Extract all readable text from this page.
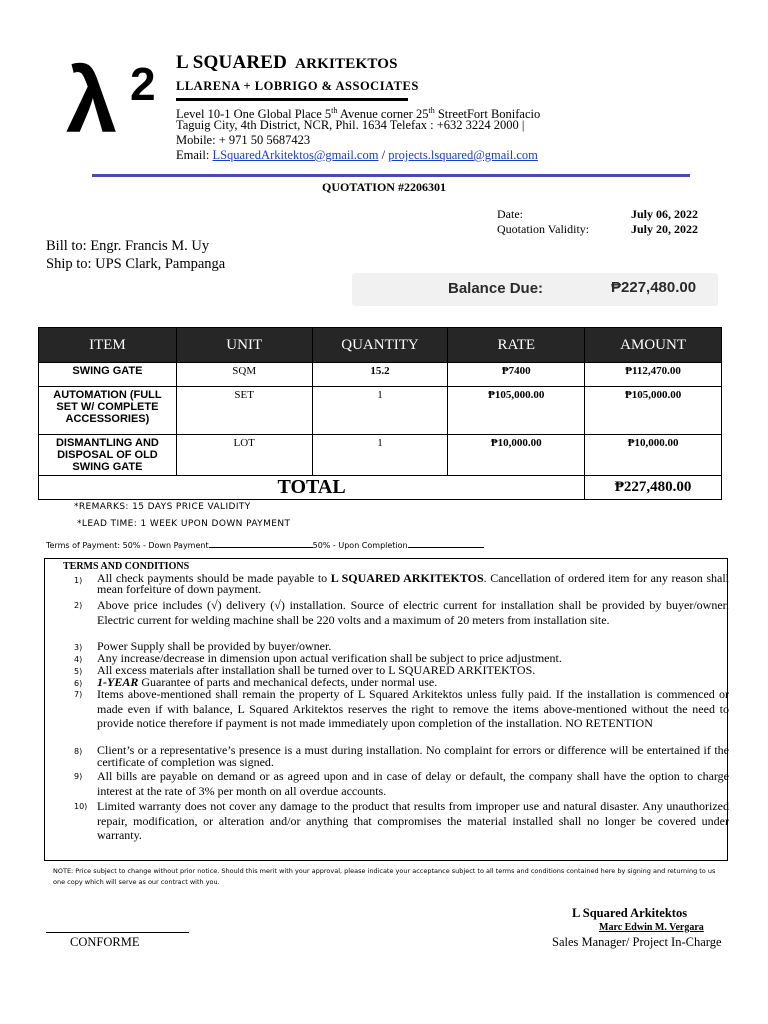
λ 2 L SQUARED ARKITEKTOS
LLARENA + LOBRIGO & ASSOCIATES
Level 10-1 One Global Place 5th Avenue corner 25th StreetFort Bonifacio
Taguig City, 4th District, NCR, Phil. 1634 Telefax : +632 3224 2000 |
Mobile: + 971 50 5687423
Email: LSquaredArkitektos@gmail.com / projects.lsquared@gmail.com
QUOTATION #2206301
Date:	July 06, 2022
Quotation Validity:	July 20, 2022
Bill to: Engr. Francis M. Uy
Ship to: UPS Clark, Pampanga
Balance Due:	₱227,480.00
ITEM	UNIT	QUANTITY	RATE	AMOUNT
SWING GATE	SQM	15.2	₱7400	₱112,470.00
AUTOMATION (FULL SET W/ COMPLETE ACCESSORIES)	SET	1	₱105,000.00	₱105,000.00
DISMANTLING AND DISPOSAL OF OLD SWING GATE	LOT	1	₱10,000.00	₱10,000.00
TOTAL				₱227,480.00
*REMARKS: 15 DAYS PRICE VALIDITY
*LEAD TIME: 1 WEEK UPON DOWN PAYMENT
Terms of Payment: 50% - Down Payment	50% - Upon Completion
TERMS AND CONDITIONS
1) All check payments should be made payable to L SQUARED ARKITEKTOS. Cancellation of ordered item for any reason shall mean forfeiture of down payment.
2) Above price includes (√) delivery (√) installation. Source of electric current for installation shall be provided by buyer/owner. Electric current for welding machine shall be 220 volts and a maximum of 20 meters from installation site.
3) Power Supply shall be provided by buyer/owner.
4) Any increase/decrease in dimension upon actual verification shall be subject to price adjustment.
5) All excess materials after installation shall be turned over to L SQUARED ARKITEKTOS.
6) 1-YEAR Guarantee of parts and mechanical defects, under normal use.
7) Items above-mentioned shall remain the property of L Squared Arkitektos unless fully paid. If the installation is commenced or made even if with balance, L Squared Arkitektos reserves the right to remove the items above-mentioned without the need to provide notice therefore if payment is not made immediately upon completion of the installation. NO RETENTION
8) Client’s or a representative’s presence is a must during installation. No complaint for errors or difference will be entertained if the certificate of completion was signed.
9) All bills are payable on demand or as agreed upon and in case of delay or default, the company shall have the option to charge interest at the rate of 3% per month on all overdue accounts.
10) Limited warranty does not cover any damage to the product that results from improper use and natural disaster. Any unauthorized repair, modification, or alteration and/or anything that compromises the material installed shall no longer be covered under warranty.
NOTE: Price subject to change without prior notice. Should this merit with your approval, please indicate your acceptance subject to all terms and conditions contained here by signing and returning to us one copy which will serve as our contract with you.
L Squared Arkitektos
Marc Edwin M. Vergara
Sales Manager/ Project In-Charge
CONFORME
